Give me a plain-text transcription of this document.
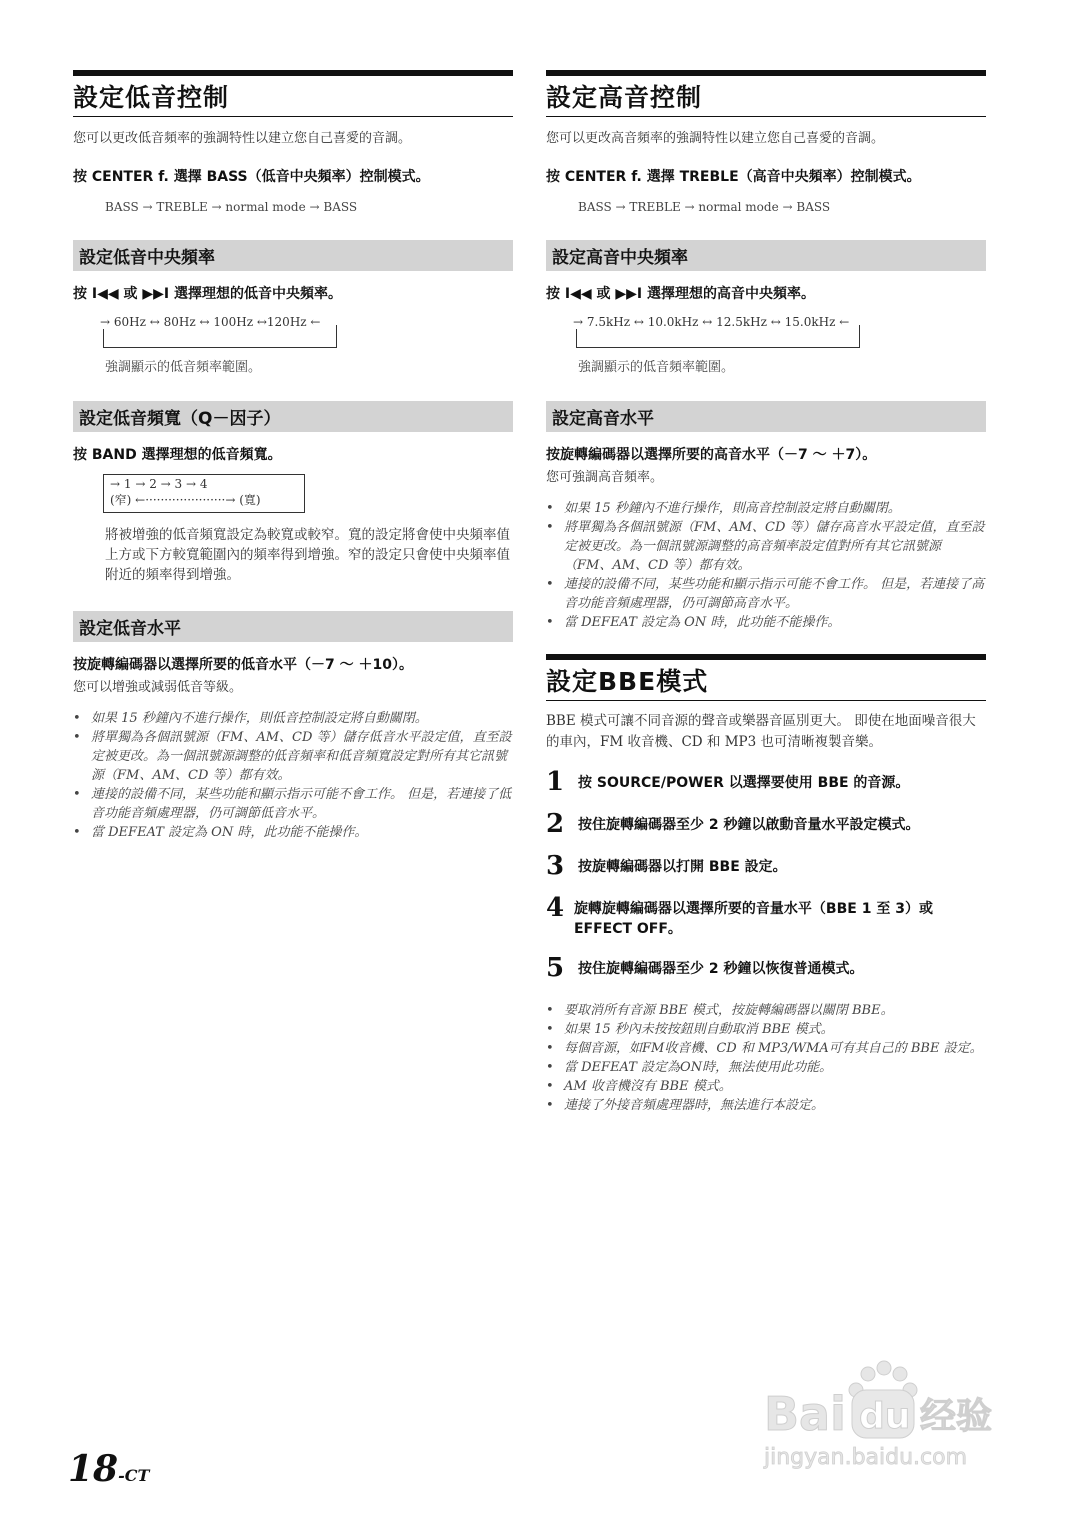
設定低音控制
您可以更改低音頻率的強調特性以建立您自己喜愛的音調。
按 CENTER f. 選擇 BASS（低音中央頻率）控制模式。
BASS → TREBLE → normal mode → BASS
設定低音中央頻率
按 I◀◀ 或 ▶▶I 選擇理想的低音中央頻率。
→ 60Hz ↔ 80Hz ↔ 100Hz ↔120Hz ←
強調顯示的低音頻率範圍。
設定低音頻寬（Q－因子）
按 BAND 選擇理想的低音頻寬。
→ 1 → 2 → 3 → 4
(窄) ←·····················→ (寬)
將被增強的低音頻寬設定為較寬或較窄。寬的設定將會使中央頻率值上方或下方較寬範圍內的頻率得到增強。窄的設定只會使中央頻率值附近的頻率得到增強。
設定低音水平
按旋轉編碼器以選擇所要的低音水平（－7 ～ ＋10）。
您可以增強或減弱低音等級。
• 如果 15 秒鐘內不進行操作，則低音控制設定將自動關閉。
• 將單獨為各個訊號源（FM、AM、CD 等）儲存低音水平設定值，直至設定被更改。為一個訊號源調整的低音頻率和低音頻寬設定對所有其它訊號源（FM、AM、CD 等）都有效。
• 連接的設備不同，某些功能和顯示指示可能不會工作。 但是，若連接了低音功能音頻處理器，仍可調節低音水平。
• 當 DEFEAT 設定為 ON 時，此功能不能操作。
設定高音控制
您可以更改高音頻率的強調特性以建立您自己喜愛的音調。
按 CENTER f. 選擇 TREBLE（高音中央頻率）控制模式。
BASS → TREBLE → normal mode → BASS
設定高音中央頻率
按 I◀◀ 或 ▶▶I 選擇理想的高音中央頻率。
→ 7.5kHz ↔ 10.0kHz ↔ 12.5kHz ↔ 15.0kHz ←
強調顯示的低音頻率範圍。
設定高音水平
按旋轉編碼器以選擇所要的高音水平（－7 ～ ＋7）。
您可強調高音頻率。
• 如果 15 秒鐘內不進行操作，則高音控制設定將自動關閉。
• 將單獨為各個訊號源（FM、AM、CD 等）儲存高音水平設定值，直至設定被更改。為一個訊號源調整的高音頻率設定值對所有其它訊號源（FM、AM、CD 等）都有效。
• 連接的設備不同，某些功能和顯示指示可能不會工作。 但是，若連接了高音功能音頻處理器，仍可調節高音水平。
• 當 DEFEAT 設定為 ON 時，此功能不能操作。
設定BBE模式
BBE 模式可讓不同音源的聲音或樂器音區別更大。 即使在地面噪音很大的車內，FM 收音機、CD 和 MP3 也可清晰複製音樂。
1 按 SOURCE/POWER 以選擇要使用 BBE 的音源。
2 按住旋轉編碼器至少 2 秒鐘以啟動音量水平設定模式。
3 按旋轉編碼器以打開 BBE 設定。
4 旋轉旋轉編碼器以選擇所要的音量水平（BBE 1 至 3）或 EFFECT OFF。
5 按住旋轉編碼器至少 2 秒鐘以恢復普通模式。
• 要取消所有音源 BBE 模式，按旋轉編碼器以關閉 BBE。
• 如果 15 秒內未按按鈕則自動取消 BBE 模式。
• 每個音源，如FM收音機、CD 和 MP3/WMA可有其自己的 BBE 設定。
• 當 DEFEAT 設定為ON時，無法使用此功能。
• AM 收音機沒有 BBE 模式。
• 連接了外接音頻處理器時，無法進行本設定。
18-CT
Bai du 经验
jingyan.baidu.com
